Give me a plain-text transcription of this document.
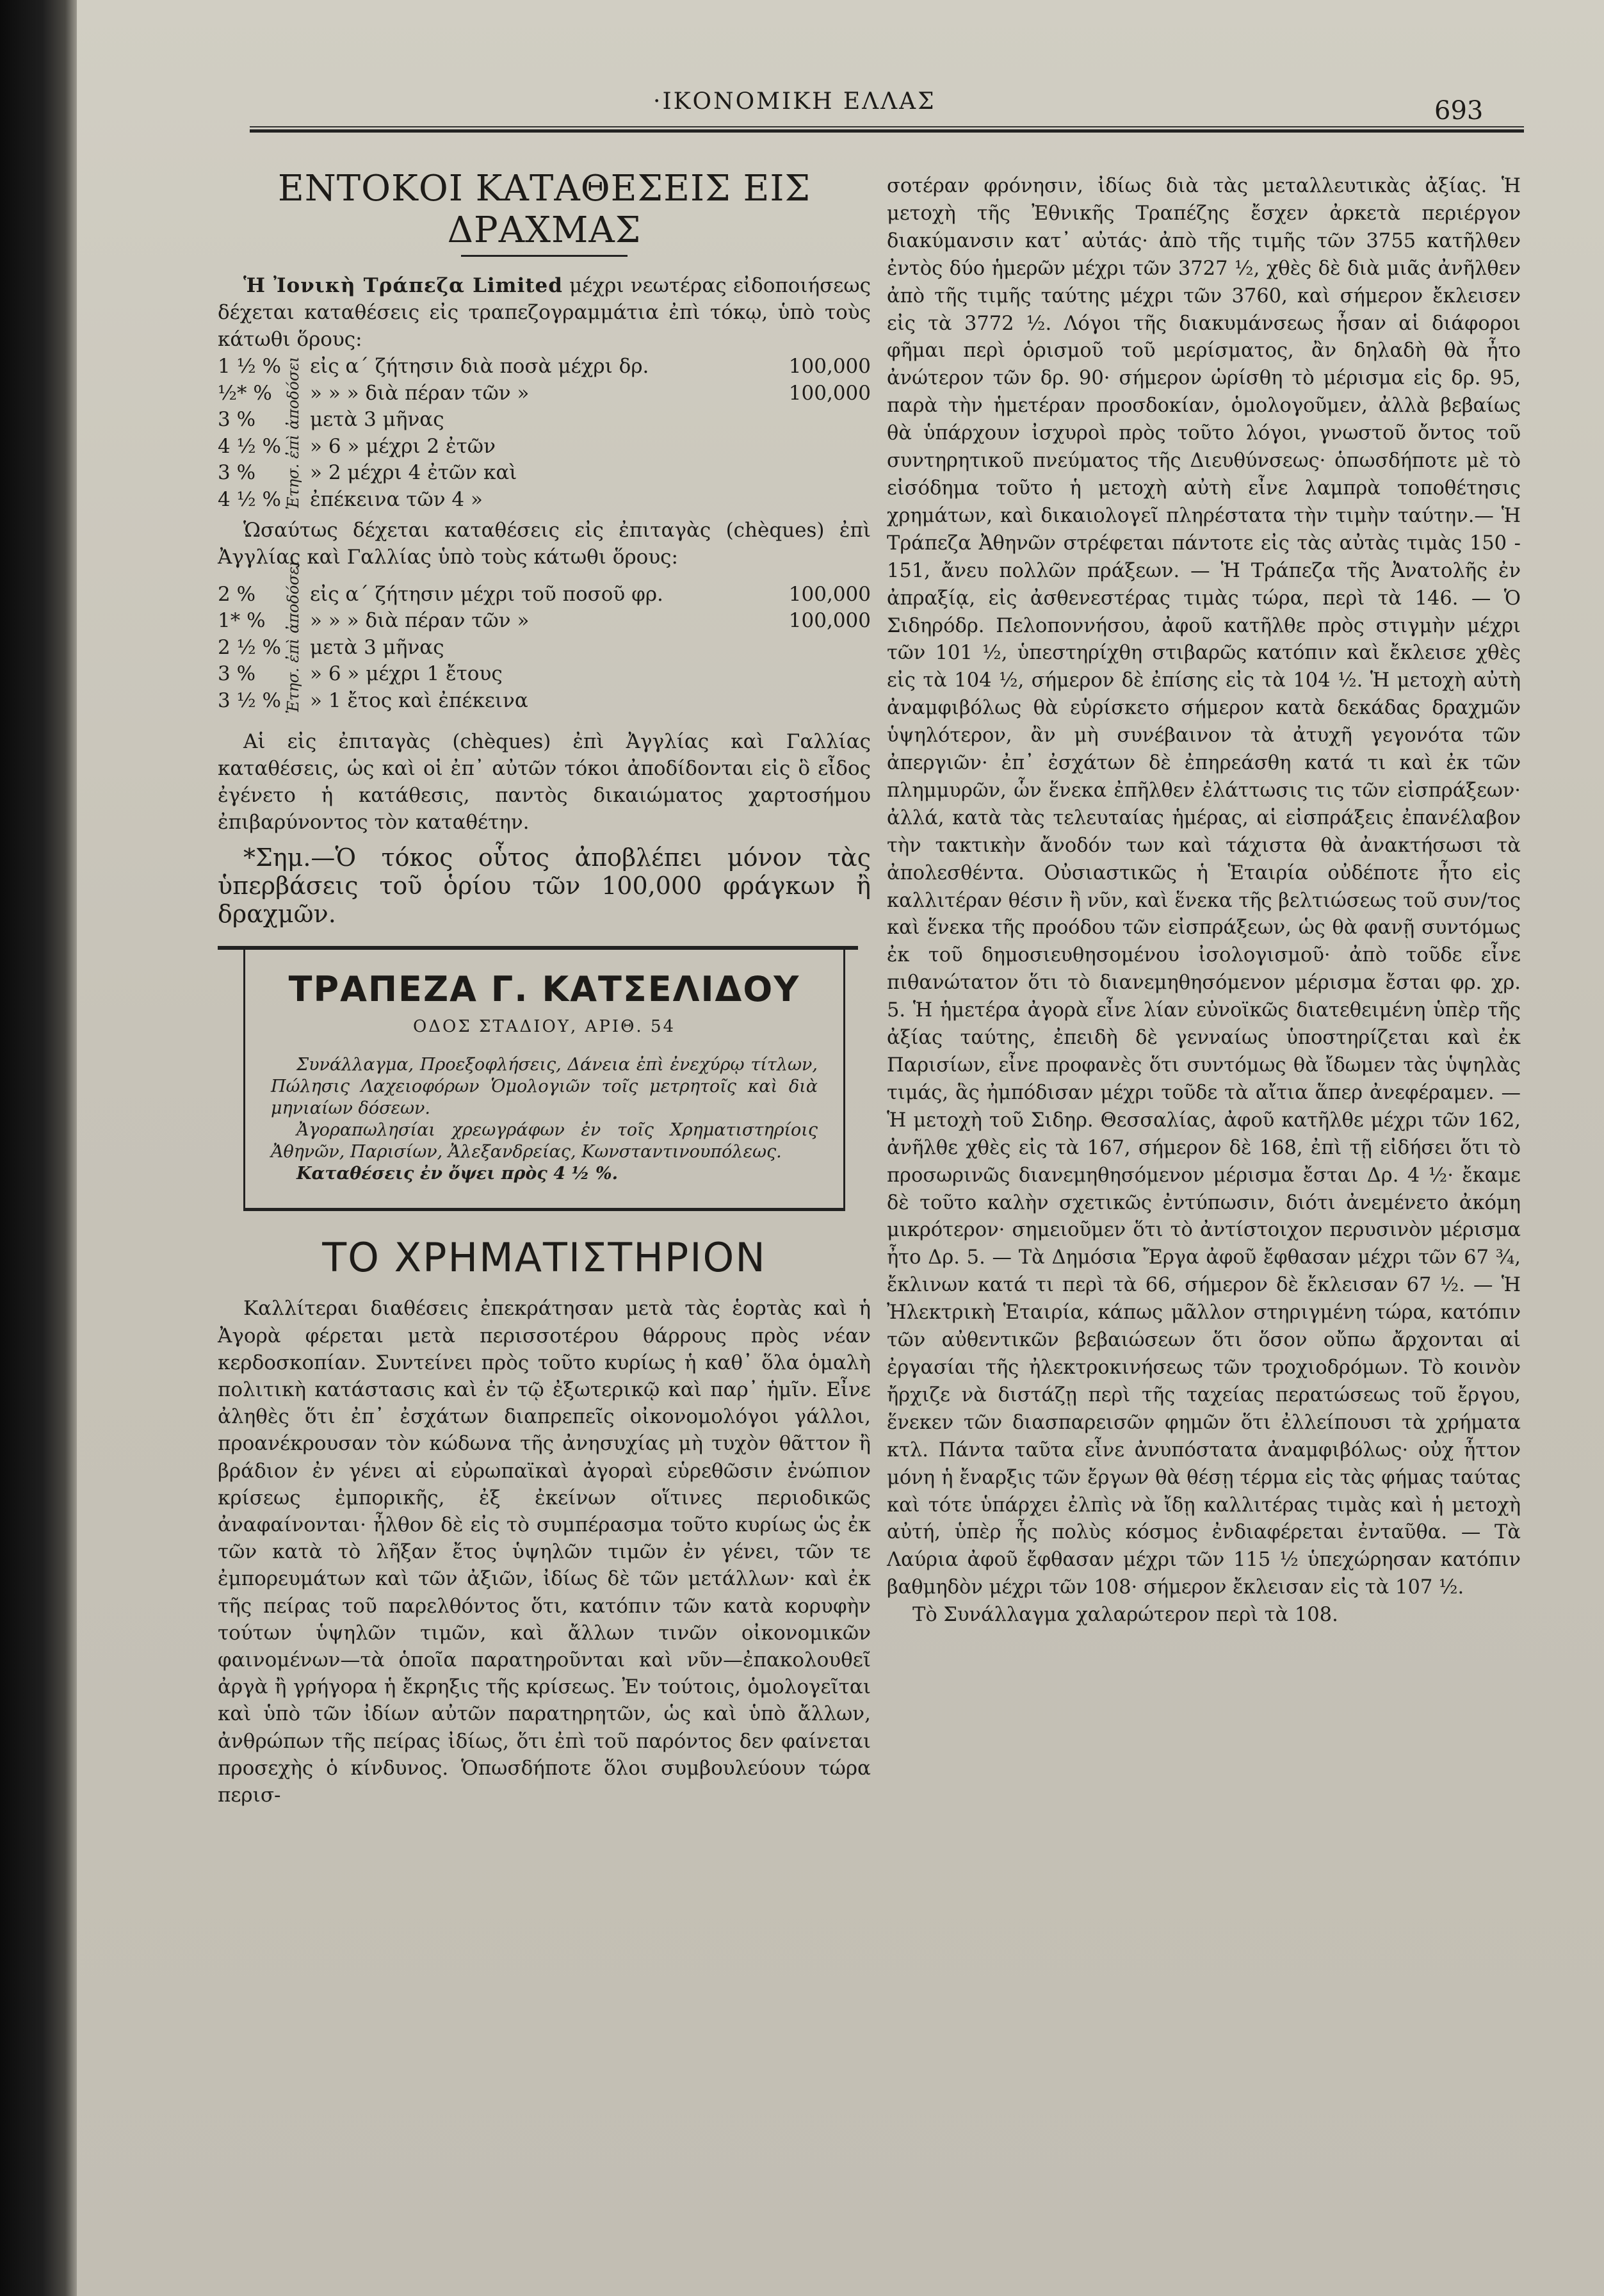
·ΙΚΟΝΟΜΙΚΗ ΕΛΛΑΣ	693
ΕΝΤΟΚΟΙ ΚΑΤΑΘΕΣΕΙΣ ΕΙΣ ΔΡΑΧΜΑΣ

Ἡ Ἰονικὴ Τράπεζα Limited μέχρι νεωτέρας εἰδοποιήσεως δέχεται καταθέσεις εἰς τραπεζογραμμάτια ἐπὶ τόκῳ, ὑπὸ τοὺς κάτωθι ὅρους:

1 ½ %	Ἐτησ. ἐπὶ ἀποδόσει	εἰς α΄ ζήτησιν διὰ ποσὰ μέχρι δρ.	100,000
½* %		» » » διὰ πέραν τῶν »	100,000
3 %		μετὰ 3 μῆνας	
4 ½ %		» 6 » μέχρι 2 ἐτῶν	
3 %		» 2 μέχρι 4 ἐτῶν καὶ	
4 ½ %		ἐπέκεινα τῶν 4 »	

Ὡσαύτως δέχεται καταθέσεις εἰς ἐπιταγὰς (chèques) ἐπὶ Ἀγγλίας καὶ Γαλλίας ὑπὸ τοὺς κάτωθι ὅρους:

2 %	Ἐτησ. ἐπὶ ἀποδόσει	εἰς α΄ ζήτησιν μέχρι τοῦ ποσοῦ φρ.	100,000
1* %		» » » διὰ πέραν τῶν »	100,000
2 ½ %		μετὰ 3 μῆνας	
3 %		» 6 » μέχρι 1 ἔτους	
3 ½ %		» 1 ἔτος καὶ ἐπέκεινα	

Αἱ εἰς ἐπιταγὰς (chèques) ἐπὶ Ἀγγλίας καὶ Γαλλίας καταθέσεις, ὡς καὶ οἱ ἐπ᾽ αὐτῶν τόκοι ἀποδίδονται εἰς ὃ εἶδος ἐγένετο ἡ κατάθεσις, παντὸς δικαιώματος χαρτοσήμου ἐπιβαρύνοντος τὸν καταθέτην.

*Σημ.—Ὁ τόκος οὗτος ἀποβλέπει μόνον τὰς ὑπερβάσεις τοῦ ὁρίου τῶν 100,000 φράγκων ἢ δραχμῶν.

ΤΡΑΠΕΖΑ Γ. ΚΑΤΣΕΛΙΔΟΥ
ΟΔΟΣ ΣΤΑΔΙΟΥ, ΑΡΙΘ. 54

Συνάλλαγμα, Προεξοφλήσεις, Δάνεια ἐπὶ ἐνεχύρῳ τίτλων, Πώλησις Λαχειοφόρων Ὁμολογιῶν τοῖς μετρητοῖς καὶ διὰ μηνιαίων δόσεων.

Ἀγοραπωλησίαι χρεωγράφων ἐν τοῖς Χρηματιστηρίοις Ἀθηνῶν, Παρισίων, Ἀλεξανδρείας, Κωνσταντινουπόλεως.

Καταθέσεις ἐν ὄψει πρὸς 4 ½ %.

ΤΟ ΧΡΗΜΑΤΙΣΤΗΡΙΟΝ

Καλλίτεραι διαθέσεις ἐπεκράτησαν μετὰ τὰς ἑορτὰς καὶ ἡ Ἀγορὰ φέρεται μετὰ περισσοτέρου θάρρους πρὸς νέαν κερδοσκοπίαν. Συντείνει πρὸς τοῦτο κυρίως ἡ καθ᾽ ὅλα ὁμαλὴ πολιτικὴ κατάστασις καὶ ἐν τῷ ἐξωτερικῷ καὶ παρ᾽ ἡμῖν. Εἶνε ἀληθὲς ὅτι ἐπ᾽ ἐσχάτων διαπρεπεῖς οἰκονομολόγοι γάλλοι, προανέκρουσαν τὸν κώδωνα τῆς ἀνησυχίας μὴ τυχὸν θᾶττον ἢ βράδιον ἐν γένει αἱ εὐρωπαϊκαὶ ἀγοραὶ εὑρεθῶσιν ἐνώπιον κρίσεως ἐμπορικῆς, ἐξ ἐκείνων οἵτινες περιοδικῶς ἀναφαίνονται· ἦλθον δὲ εἰς τὸ συμπέρασμα τοῦτο κυρίως ὡς ἐκ τῶν κατὰ τὸ λῆξαν ἔτος ὑψηλῶν τιμῶν ἐν γένει, τῶν τε ἐμπορευμάτων καὶ τῶν ἀξιῶν, ἰδίως δὲ τῶν μετάλλων· καὶ ἐκ τῆς πείρας τοῦ παρελθόντος ὅτι, κατόπιν τῶν κατὰ κορυφὴν τούτων ὑψηλῶν τιμῶν, καὶ ἄλλων τινῶν οἰκονομικῶν φαινομένων—τὰ ὁποῖα παρατηροῦνται καὶ νῦν—ἐπακολουθεῖ ἀργὰ ἢ γρήγορα ἡ ἔκρηξις τῆς κρίσεως. Ἐν τούτοις, ὁμολογεῖται καὶ ὑπὸ τῶν ἰδίων αὐτῶν παρατηρητῶν, ὡς καὶ ὑπὸ ἄλλων, ἀνθρώπων τῆς πείρας ἰδίως, ὅτι ἐπὶ τοῦ παρόντος δεν φαίνεται προσεχὴς ὁ κίνδυνος. Ὁπωσδήποτε ὅλοι συμβουλεύουν τώρα περισ-

σοτέραν φρόνησιν, ἰδίως διὰ τὰς μεταλλευτικὰς ἀξίας. Ἡ μετοχὴ τῆς Ἐθνικῆς Τραπέζης ἔσχεν ἀρκετὰ περιέργον διακύμανσιν κατ᾽ αὐτάς· ἀπὸ τῆς τιμῆς τῶν 3755 κατῆλθεν ἐντὸς δύο ἡμερῶν μέχρι τῶν 3727 ½, χθὲς δὲ διὰ μιᾶς ἀνῆλθεν ἀπὸ τῆς τιμῆς ταύτης μέχρι τῶν 3760, καὶ σήμερον ἔκλεισεν εἰς τὰ 3772 ½. Λόγοι τῆς διακυμάνσεως ἦσαν αἱ διάφοροι φῆμαι περὶ ὁρισμοῦ τοῦ μερίσματος, ἂν δηλαδὴ θὰ ἦτο ἀνώτερον τῶν δρ. 90· σήμερον ὡρίσθη τὸ μέρισμα εἰς δρ. 95, παρὰ τὴν ἡμετέραν προσδοκίαν, ὁμολογοῦμεν, ἀλλὰ βεβαίως θὰ ὑπάρχουν ἰσχυροὶ πρὸς τοῦτο λόγοι, γνωστοῦ ὄντος τοῦ συντηρητικοῦ πνεύματος τῆς Διευθύνσεως· ὁπωσδήποτε μὲ τὸ εἰσόδημα τοῦτο ἡ μετοχὴ αὐτὴ εἶνε λαμπρὰ τοποθέτησις χρημάτων, καὶ δικαιολογεῖ πληρέστατα τὴν τιμὴν ταύτην.— Ἡ Τράπεζα Ἀθηνῶν στρέφεται πάντοτε εἰς τὰς αὐτὰς τιμὰς 150 - 151, ἄνευ πολλῶν πράξεων. — Ἡ Τράπεζα τῆς Ἀνατολῆς ἐν ἀπραξίᾳ, εἰς ἀσθενεστέρας τιμὰς τώρα, περὶ τὰ 146. — Ὁ Σιδηρόδρ. Πελοποννήσου, ἀφοῦ κατῆλθε πρὸς στιγμὴν μέχρι τῶν 101 ½, ὑπεστηρίχθη στιβαρῶς κατόπιν καὶ ἔκλεισε χθὲς εἰς τὰ 104 ½, σήμερον δὲ ἐπίσης εἰς τὰ 104 ½. Ἡ μετοχὴ αὐτὴ ἀναμφιβόλως θὰ εὑρίσκετο σήμερον κατὰ δεκάδας δραχμῶν ὑψηλότερον, ἂν μὴ συνέβαινον τὰ ἀτυχῆ γεγονότα τῶν ἀπεργιῶν· ἐπ᾽ ἐσχάτων δὲ ἐπηρεάσθη κατά τι καὶ ἐκ τῶν πλημμυρῶν, ὧν ἕνεκα ἐπῆλθεν ἐλάττωσις τις τῶν εἰσπράξεων· ἀλλά, κατὰ τὰς τελευταίας ἡμέρας, αἱ εἰσπράξεις ἐπανέλαβον τὴν τακτικὴν ἄνοδόν των καὶ τάχιστα θὰ ἀνακτήσωσι τὰ ἀπολεσθέντα. Οὐσιαστικῶς ἡ Ἑταιρία οὐδέποτε ἦτο εἰς καλλιτέραν θέσιν ἢ νῦν, καὶ ἕνεκα τῆς βελτιώσεως τοῦ συν/τος καὶ ἕνεκα τῆς προόδου τῶν εἰσπράξεων, ὡς θὰ φανῇ συντόμως ἐκ τοῦ δημοσιευθησομένου ἰσολογισμοῦ· ἀπὸ τοῦδε εἶνε πιθανώτατον ὅτι τὸ διανεμηθησόμενον μέρισμα ἔσται φρ. χρ. 5. Ἡ ἡμετέρα ἀγορὰ εἶνε λίαν εὐνοϊκῶς διατεθειμένη ὑπὲρ τῆς ἀξίας ταύτης, ἐπειδὴ δὲ γενναίως ὑποστηρίζεται καὶ ἐκ Παρισίων, εἶνε προφανὲς ὅτι συντόμως θὰ ἴδωμεν τὰς ὑψηλὰς τιμάς, ἃς ἠμπόδισαν μέχρι τοῦδε τὰ αἴτια ἅπερ ἀνεφέραμεν. — Ἡ μετοχὴ τοῦ Σιδηρ. Θεσσαλίας, ἀφοῦ κατῆλθε μέχρι τῶν 162, ἀνῆλθε χθὲς εἰς τὰ 167, σήμερον δὲ 168, ἐπὶ τῇ εἰδήσει ὅτι τὸ προσωρινῶς διανεμηθησόμενον μέρισμα ἔσται Δρ. 4 ½· ἔκαμε δὲ τοῦτο καλὴν σχετικῶς ἐντύπωσιν, διότι ἀνεμένετο ἀκόμη μικρότερον· σημειοῦμεν ὅτι τὸ ἀντίστοιχον περυσινὸν μέρισμα ἦτο Δρ. 5. — Τὰ Δημόσια Ἔργα ἀφοῦ ἔφθασαν μέχρι τῶν 67 ¾, ἔκλινων κατά τι περὶ τὰ 66, σήμερον δὲ ἔκλεισαν 67 ½. — Ἡ Ἠλεκτρικὴ Ἑταιρία, κάπως μᾶλλον στηριγμένη τώρα, κατόπιν τῶν αὐθεντικῶν βεβαιώσεων ὅτι ὅσον οὔπω ἄρχονται αἱ ἐργασίαι τῆς ἠλεκτροκινήσεως τῶν τροχιοδρόμων. Τὸ κοινὸν ἤρχιζε νὰ διστάζῃ περὶ τῆς ταχείας περατώσεως τοῦ ἔργου, ἕνεκεν τῶν διασπαρεισῶν φημῶν ὅτι ἐλλείπουσι τὰ χρήματα κτλ. Πάντα ταῦτα εἶνε ἀνυπόστατα ἀναμφιβόλως· οὐχ ἧττον μόνη ἡ ἔναρξις τῶν ἔργων θὰ θέσῃ τέρμα εἰς τὰς φήμας ταύτας καὶ τότε ὑπάρχει ἐλπὶς νὰ ἴδῃ καλλιτέρας τιμὰς καὶ ἡ μετοχὴ αὐτή, ὑπὲρ ἧς πολὺς κόσμος ἐνδιαφέρεται ἐνταῦθα. — Τὰ Λαύρια ἀφοῦ ἔφθασαν μέχρι τῶν 115 ½ ὑπεχώρησαν κατόπιν βαθμηδὸν μέχρι τῶν 108· σήμερον ἔκλεισαν εἰς τὰ 107 ½.

Τὸ Συνάλλαγμα χαλαρώτερον περὶ τὰ 108.
